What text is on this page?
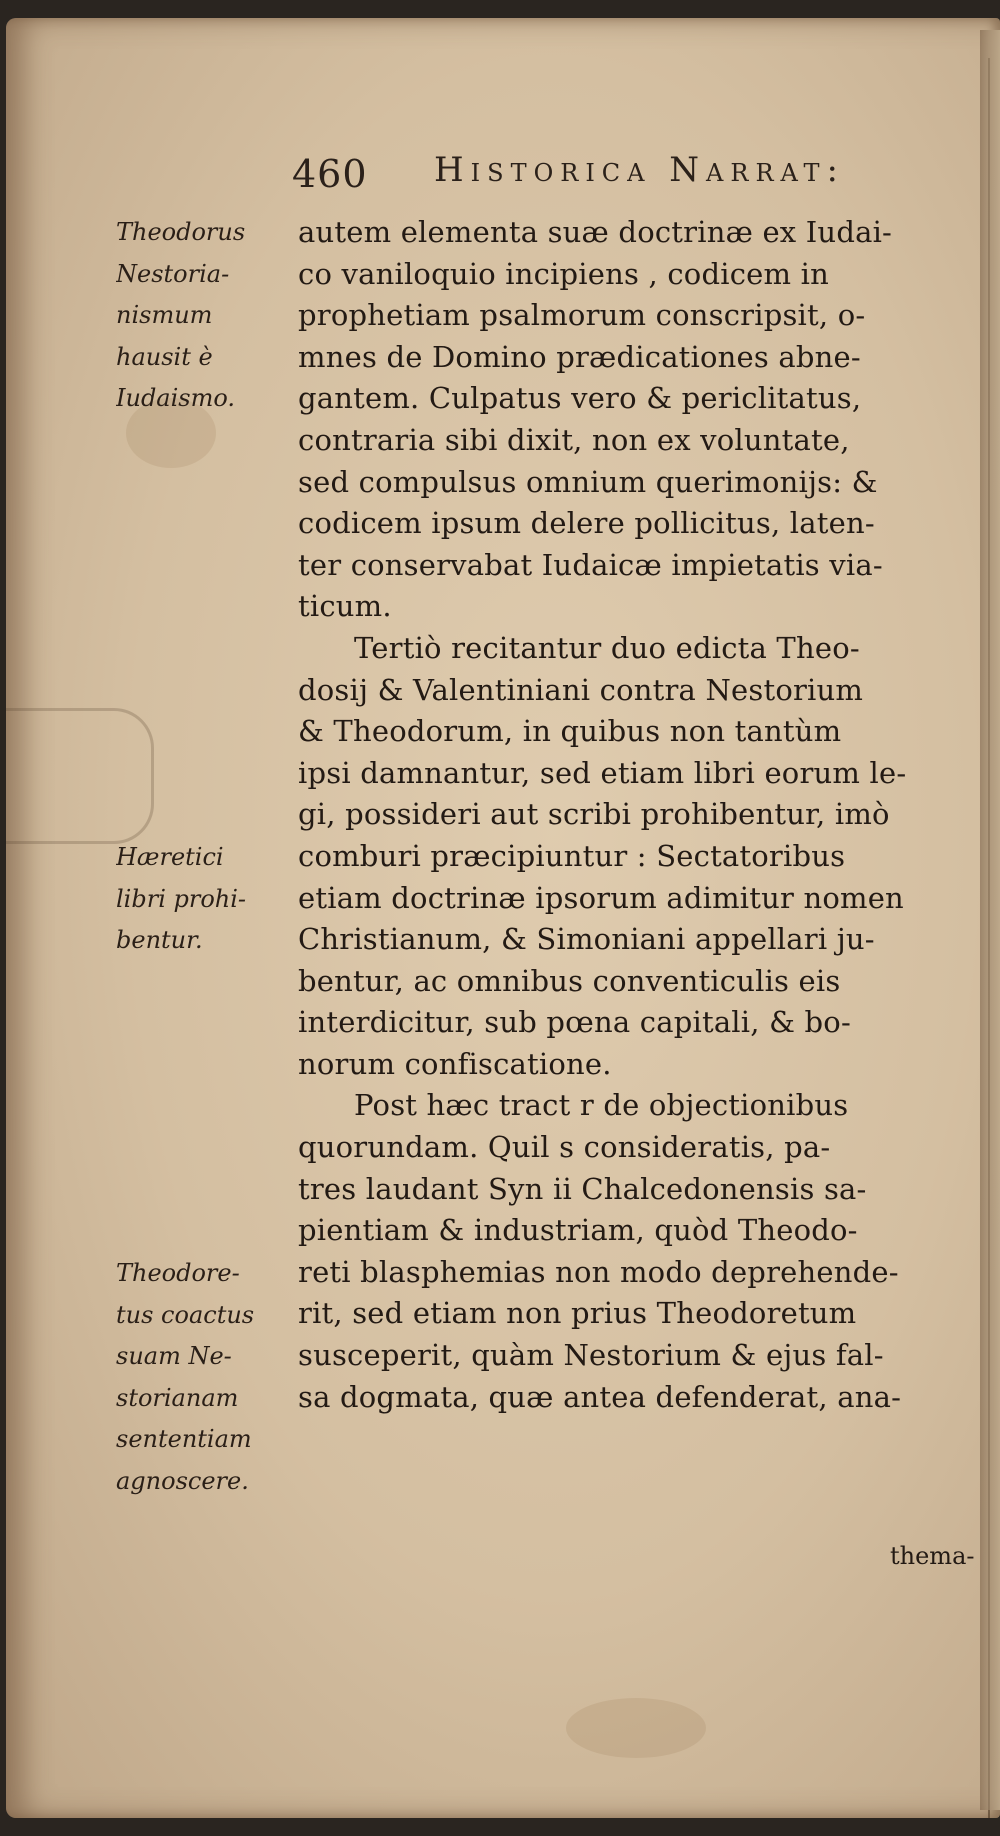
460 Historica Narrat:
Theodorus
Nestoria-
nismum
hausit è
Iudaismo.
Hæretici
libri prohi-
bentur.
Theodore-
tus coactus
suam Ne-
storianam
sententiam
agnoscere.
autem elementa suæ doctrinæ ex Iudai-
co vaniloquio incipiens , codicem in
prophetiam psalmorum conscripsit, o-
mnes de Domino prædicationes abne-
gantem. Culpatus vero & periclitatus,
contraria sibi dixit, non ex voluntate,
sed compulsus omnium querimonijs: &
codicem ipsum delere pollicitus, laten-
ter conservabat Iudaicæ impietatis via-
ticum.
Tertiò recitantur duo edicta Theo-
dosij & Valentiniani contra Nestorium
& Theodorum, in quibus non tantùm
ipsi damnantur, sed etiam libri eorum le-
gi, possideri aut scribi prohibentur, imò
comburi præcipiuntur : Sectatoribus
etiam doctrinæ ipsorum adimitur nomen
Christianum, & Simoniani appellari ju-
bentur, ac omnibus conventiculis eis
interdicitur, sub pœna capitali, & bo-
norum confiscatione.
Post hæc tract r de objectionibus
quorundam. Quil s consideratis, pa-
tres laudant Syn ii Chalcedonensis sa-
pientiam & industriam, quòd Theodo-
reti blasphemias non modo deprehende-
rit, sed etiam non prius Theodoretum
susceperit, quàm Nestorium & ejus fal-
sa dogmata, quæ antea defenderat, ana-
thema-
